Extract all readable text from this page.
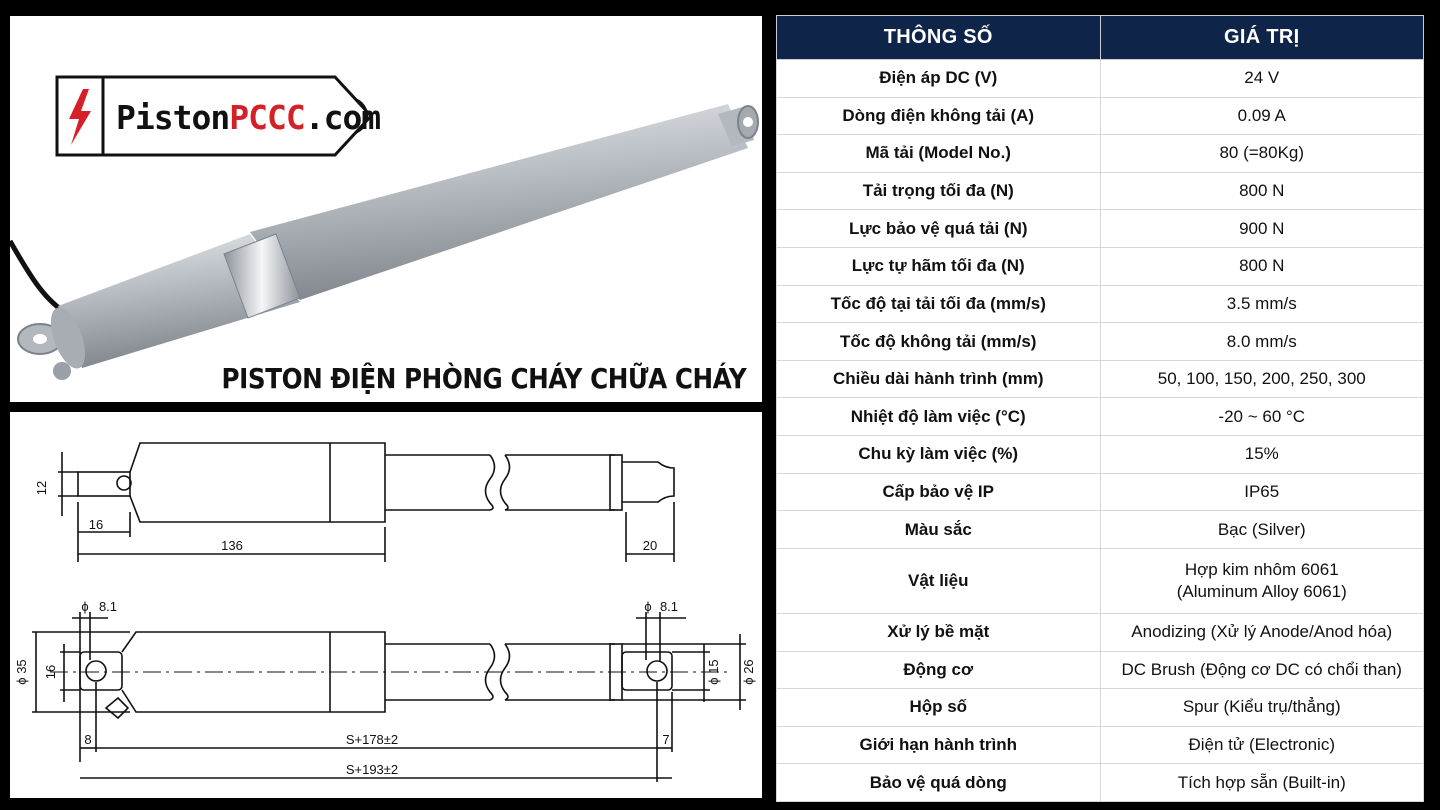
PistonPCCC.com
PISTON ĐIỆN PHÒNG CHÁY CHỮA CHÁY
12
16
136	20
ϕ 8.1	ϕ 8.1
ϕ 35 16	ϕ 15 ϕ 26
8	7
S+178±2
S+193±2
THÔNG SỐ	GIÁ TRỊ
Điện áp DC (V)	24 V
Dòng điện không tải (A)	0.09 A
Mã tải (Model No.)	80 (=80Kg)
Tải trọng tối đa (N)	800 N
Lực bảo vệ quá tải (N)	900 N
Lực tự hãm tối đa (N)	800 N
Tốc độ tại tải tối đa (mm/s)	3.5 mm/s
Tốc độ không tải (mm/s)	8.0 mm/s
Chiều dài hành trình (mm)	50, 100, 150, 200, 250, 300
Nhiệt độ làm việc (°C)	-20 ~ 60 °C
Chu kỳ làm việc (%)	15%
Cấp bảo vệ IP	IP65
Màu sắc	Bạc (Silver)
Vật liệu	Hợp kim nhôm 6061
(Aluminum Alloy 6061)

Xử lý bề mặt	Anodizing (Xử lý Anode/Anod hóa)
Động cơ	DC Brush (Động cơ DC có chổi than)
Hộp số	Spur (Kiểu trụ/thẳng)
Giới hạn hành trình	Điện tử (Electronic)
Bảo vệ quá dòng	Tích hợp sẵn (Built-in)
